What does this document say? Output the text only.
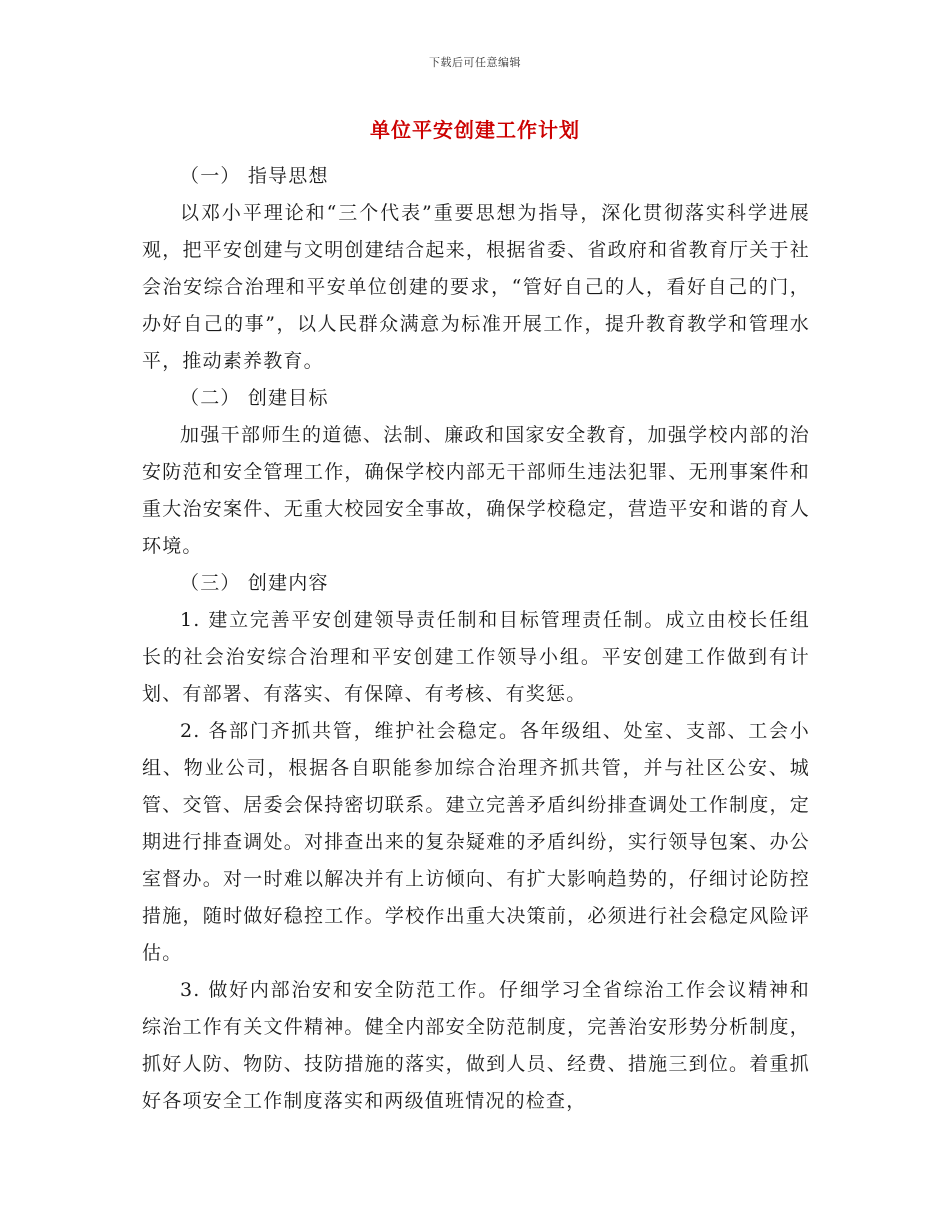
下载后可任意编辑
单位平安创建工作计划

（一） 指导思想

以邓小平理论和“三个代表”重要思想为指导，深化贯彻落实科学进展观，把平安创建与文明创建结合起来，根据省委、省政府和省教育厅关于社会治安综合治理和平安单位创建的要求，“管好自己的人，看好自己的门，办好自己的事”，以人民群众满意为标准开展工作，提升教育教学和管理水平，推动素养教育。

（二） 创建目标

加强干部师生的道德、法制、廉政和国家安全教育，加强学校内部的治安防范和安全管理工作，确保学校内部无干部师生违法犯罪、无刑事案件和重大治安案件、无重大校园安全事故，确保学校稳定，营造平安和谐的育人环境。

（三） 创建内容

1. 建立完善平安创建领导责任制和目标管理责任制。成立由校长任组长的社会治安综合治理和平安创建工作领导小组。平安创建工作做到有计划、有部署、有落实、有保障、有考核、有奖惩。

2. 各部门齐抓共管，维护社会稳定。各年级组、处室、支部、工会小组、物业公司，根据各自职能参加综合治理齐抓共管，并与社区公安、城管、交管、居委会保持密切联系。建立完善矛盾纠纷排查调处工作制度，定期进行排查调处。对排查出来的复杂疑难的矛盾纠纷，实行领导包案、办公室督办。对一时难以解决并有上访倾向、有扩大影响趋势的，仔细讨论防控措施，随时做好稳控工作。学校作出重大决策前，必须进行社会稳定风险评估。

3. 做好内部治安和安全防范工作。仔细学习全省综治工作会议精神和综治工作有关文件精神。健全内部安全防范制度，完善治安形势分析制度，抓好人防、物防、技防措施的落实，做到人员、经费、措施三到位。着重抓好各项安全工作制度落实和两级值班情况的检查，
